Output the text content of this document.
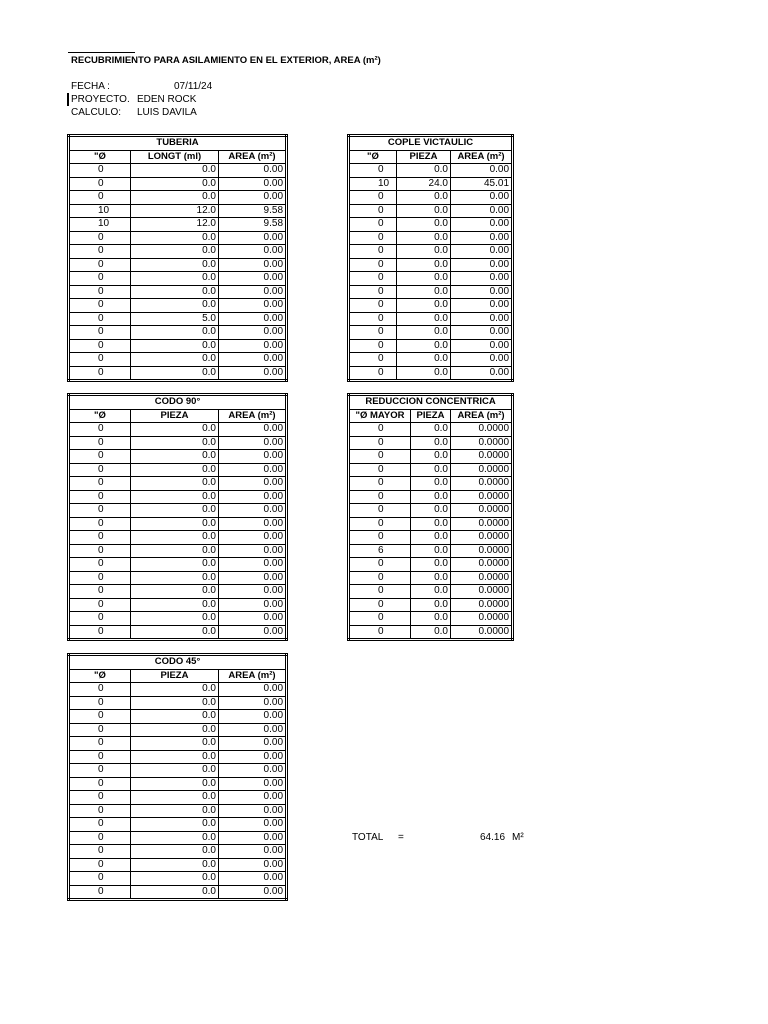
RECUBRIMIENTO PARA ASILAMIENTO EN EL EXTERIOR, AREA (m²)
FECHA :	07/11/24
PROYECTO. EDEN ROCK
CALCULO: LUIS DAVILA
TUBERIA		
"Ø	LONGT (ml)	AREA (m²)
0	0.0	0.00
0	0.0	0.00
0	0.0	0.00
10	12.0	9.58
10	12.0	9.58
0	0.0	0.00
0	0.0	0.00
0	0.0	0.00
0	0.0	0.00
0	0.0	0.00
0	0.0	0.00
0	5.0	0.00
0	0.0	0.00
0	0.0	0.00
0	0.0	0.00
0	0.0	0.00
COPLE VICTAULIC		
"Ø	PIEZA	AREA (m²)
0	0.0	0.00
10	24.0	45.01
0	0.0	0.00
0	0.0	0.00
0	0.0	0.00
0	0.0	0.00
0	0.0	0.00
0	0.0	0.00
0	0.0	0.00
0	0.0	0.00
0	0.0	0.00
0	0.0	0.00
0	0.0	0.00
0	0.0	0.00
0	0.0	0.00
0	0.0	0.00
CODO 90°		
"Ø	PIEZA	AREA (m²)
0	0.0	0.00
0	0.0	0.00
0	0.0	0.00
0	0.0	0.00
0	0.0	0.00
0	0.0	0.00
0	0.0	0.00
0	0.0	0.00
0	0.0	0.00
0	0.0	0.00
0	0.0	0.00
0	0.0	0.00
0	0.0	0.00
0	0.0	0.00
0	0.0	0.00
0	0.0	0.00
REDUCCION CONCENTRICA		
"Ø MAYOR	PIEZA	AREA (m²)
0	0.0	0.0000
0	0.0	0.0000
0	0.0	0.0000
0	0.0	0.0000
0	0.0	0.0000
0	0.0	0.0000
0	0.0	0.0000
0	0.0	0.0000
0	0.0	0.0000
6	0.0	0.0000
0	0.0	0.0000
0	0.0	0.0000
0	0.0	0.0000
0	0.0	0.0000
0	0.0	0.0000
0	0.0	0.0000
CODO 45°		
"Ø	PIEZA	AREA (m²)
0	0.0	0.00
0	0.0	0.00
0	0.0	0.00
0	0.0	0.00
0	0.0	0.00
0	0.0	0.00
0	0.0	0.00
0	0.0	0.00
0	0.0	0.00
0	0.0	0.00
0	0.0	0.00
0	0.0	0.00
0	0.0	0.00
0	0.0	0.00
0	0.0	0.00
0	0.0	0.00
TOTAL =	64.16 M²
